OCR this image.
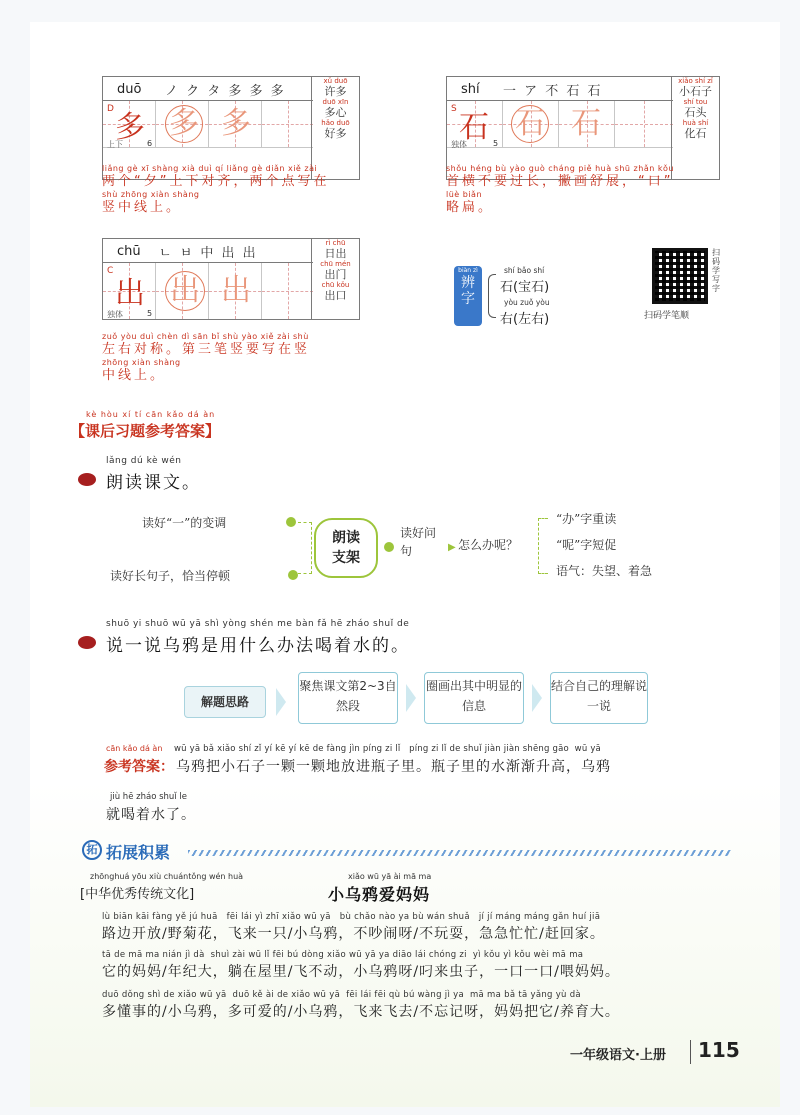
duō ノ ク タ 多 多 多
D
多
上下	6
多 多
xǔ duō
许多
duō xīn
多心
hǎo duō
好多
liǎng gè xī shàng xià duì qí liǎng gè diǎn xiě zài
两个“夕”上下对齐，两个点写在
shù zhōng xiàn shàng
竖中线上。
shí 一 ア 不 石 石
S
石
独体	5
石 石
xiǎo shí zǐ
小石子
shí tou
石头
huà shí
化石
shǒu héng bù yào guò cháng piě huà shū zhǎn kǒu
首横不要过长，撇画舒展，“口”
lüè biǎn
略扁。
chū ㄴ ㅂ 中 出 出
C
出
独体	5
出 出
rì chū
日出
chū mén
出门
chū kǒu
出口
zuǒ yòu duì chèn dì sān bǐ shù yào xiě zài shù
左右对称。第三笔竖要写在竖
zhōng xiàn shàng
中线上。
biàn zì
辨字
shí bǎo shí
石(宝石)
yòu zuǒ yòu
右(左右)
扫码学写字
扫码学笔顺
kè hòu xí tí cān kǎo dá àn
【课后习题参考答案】
lǎng dú kè wén
朗读课文。
读好“一”的变调
读好长句子，恰当停顿
朗读支架
读好问句	▶ 怎么办呢？
“办”字重读
“呢”字短促
语气：失望、着急
shuō yi shuō wū yā shì yòng shén me bàn fǎ hē zháo shuǐ de
说一说乌鸦是用什么办法喝着水的。
解题思路
聚焦课文第2~3自然段
圈画出其中明显的信息
结合自己的理解说一说
cān kǎo dá àn wū yā bǎ xiǎo shí zǐ yí kē yí kē de fàng jìn píng zi lǐ   píng zi lǐ de shuǐ jiàn jiàn shēng gāo  wū yā
参考答案： 乌鸦把小石子一颗一颗地放进瓶子里。瓶子里的水渐渐升高，乌鸦
jiù hē zháo shuǐ le
就喝着水了。
拓 拓展积累
zhōnghuá yōu xiù chuántǒng wén huà
[中华优秀传统文化]
xiǎo wū yā ài mā ma
小乌鸦爱妈妈
lù biān kāi fàng yě jú huā   fēi lái yì zhī xiǎo wū yā   bù chǎo nào ya bù wán shuǎ   jí jí máng máng gǎn huí jiā
路边开放/野菊花，飞来一只/小乌鸦，不吵闹呀/不玩耍，急急忙忙/赶回家。
tā de mā ma nián jì dà  shuì zài wū lǐ fēi bú dòng xiǎo wū yā ya diāo lái chóng zi  yì kǒu yì kǒu wèi mā ma
它的妈妈/年纪大，躺在屋里/飞不动，小乌鸦呀/叼来虫子，一口一口/喂妈妈。
duō dǒng shì de xiǎo wū yā  duō kě ài de xiǎo wū yā  fēi lái fēi qù bú wàng jì ya  mā ma bǎ tā yǎng yù dà
多懂事的/小乌鸦，多可爱的/小乌鸦，飞来飞去/不忘记呀，妈妈把它/养育大。
一年级语文·上册 115
